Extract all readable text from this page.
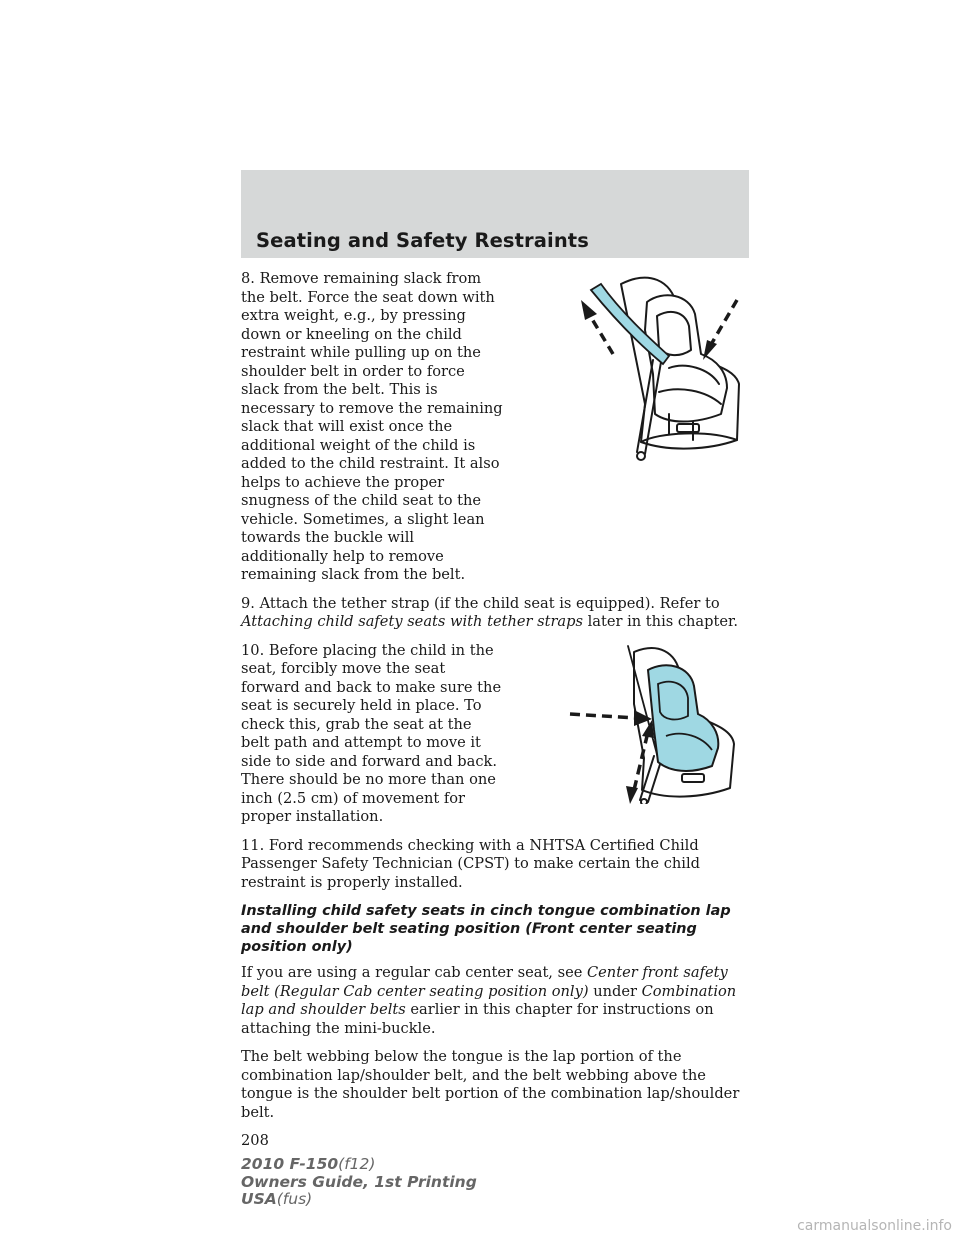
Seating and Safety Restraints

8. Remove remaining slack from the belt. Force the seat down with extra weight, e.g., by pressing down or kneeling on the child restraint while pulling up on the shoulder belt in order to force slack from the belt. This is necessary to remove the remaining slack that will exist once the additional weight of the child is added to the child restraint. It also helps to achieve the proper snugness of the child seat to the vehicle. Sometimes, a slight lean towards the buckle will additionally help to remove remaining slack from the belt.

9. Attach the tether strap (if the child seat is equipped). Refer to Attaching child safety seats with tether straps later in this chapter.

10. Before placing the child in the seat, forcibly move the seat forward and back to make sure the seat is securely held in place. To check this, grab the seat at the belt path and attempt to move it side to side and forward and back. There should be no more than one inch (2.5 cm) of movement for proper installation.

11. Ford recommends checking with a NHTSA Certified Child Passenger Safety Technician (CPST) to make certain the child restraint is properly installed.

Installing child safety seats in cinch tongue combination lap and shoulder belt seating position (Front center seating position only)

If you are using a regular cab center seat, see Center front safety belt (Regular Cab center seating position only) under Combination lap and shoulder belts earlier in this chapter for instructions on attaching the mini-buckle.

The belt webbing below the tongue is the lap portion of the combination lap/shoulder belt, and the belt webbing above the tongue is the shoulder belt portion of the combination lap/shoulder belt.

208

2010 F-150(f12)
Owners Guide, 1st Printing
USA(fus)
carmanualsonline.info
